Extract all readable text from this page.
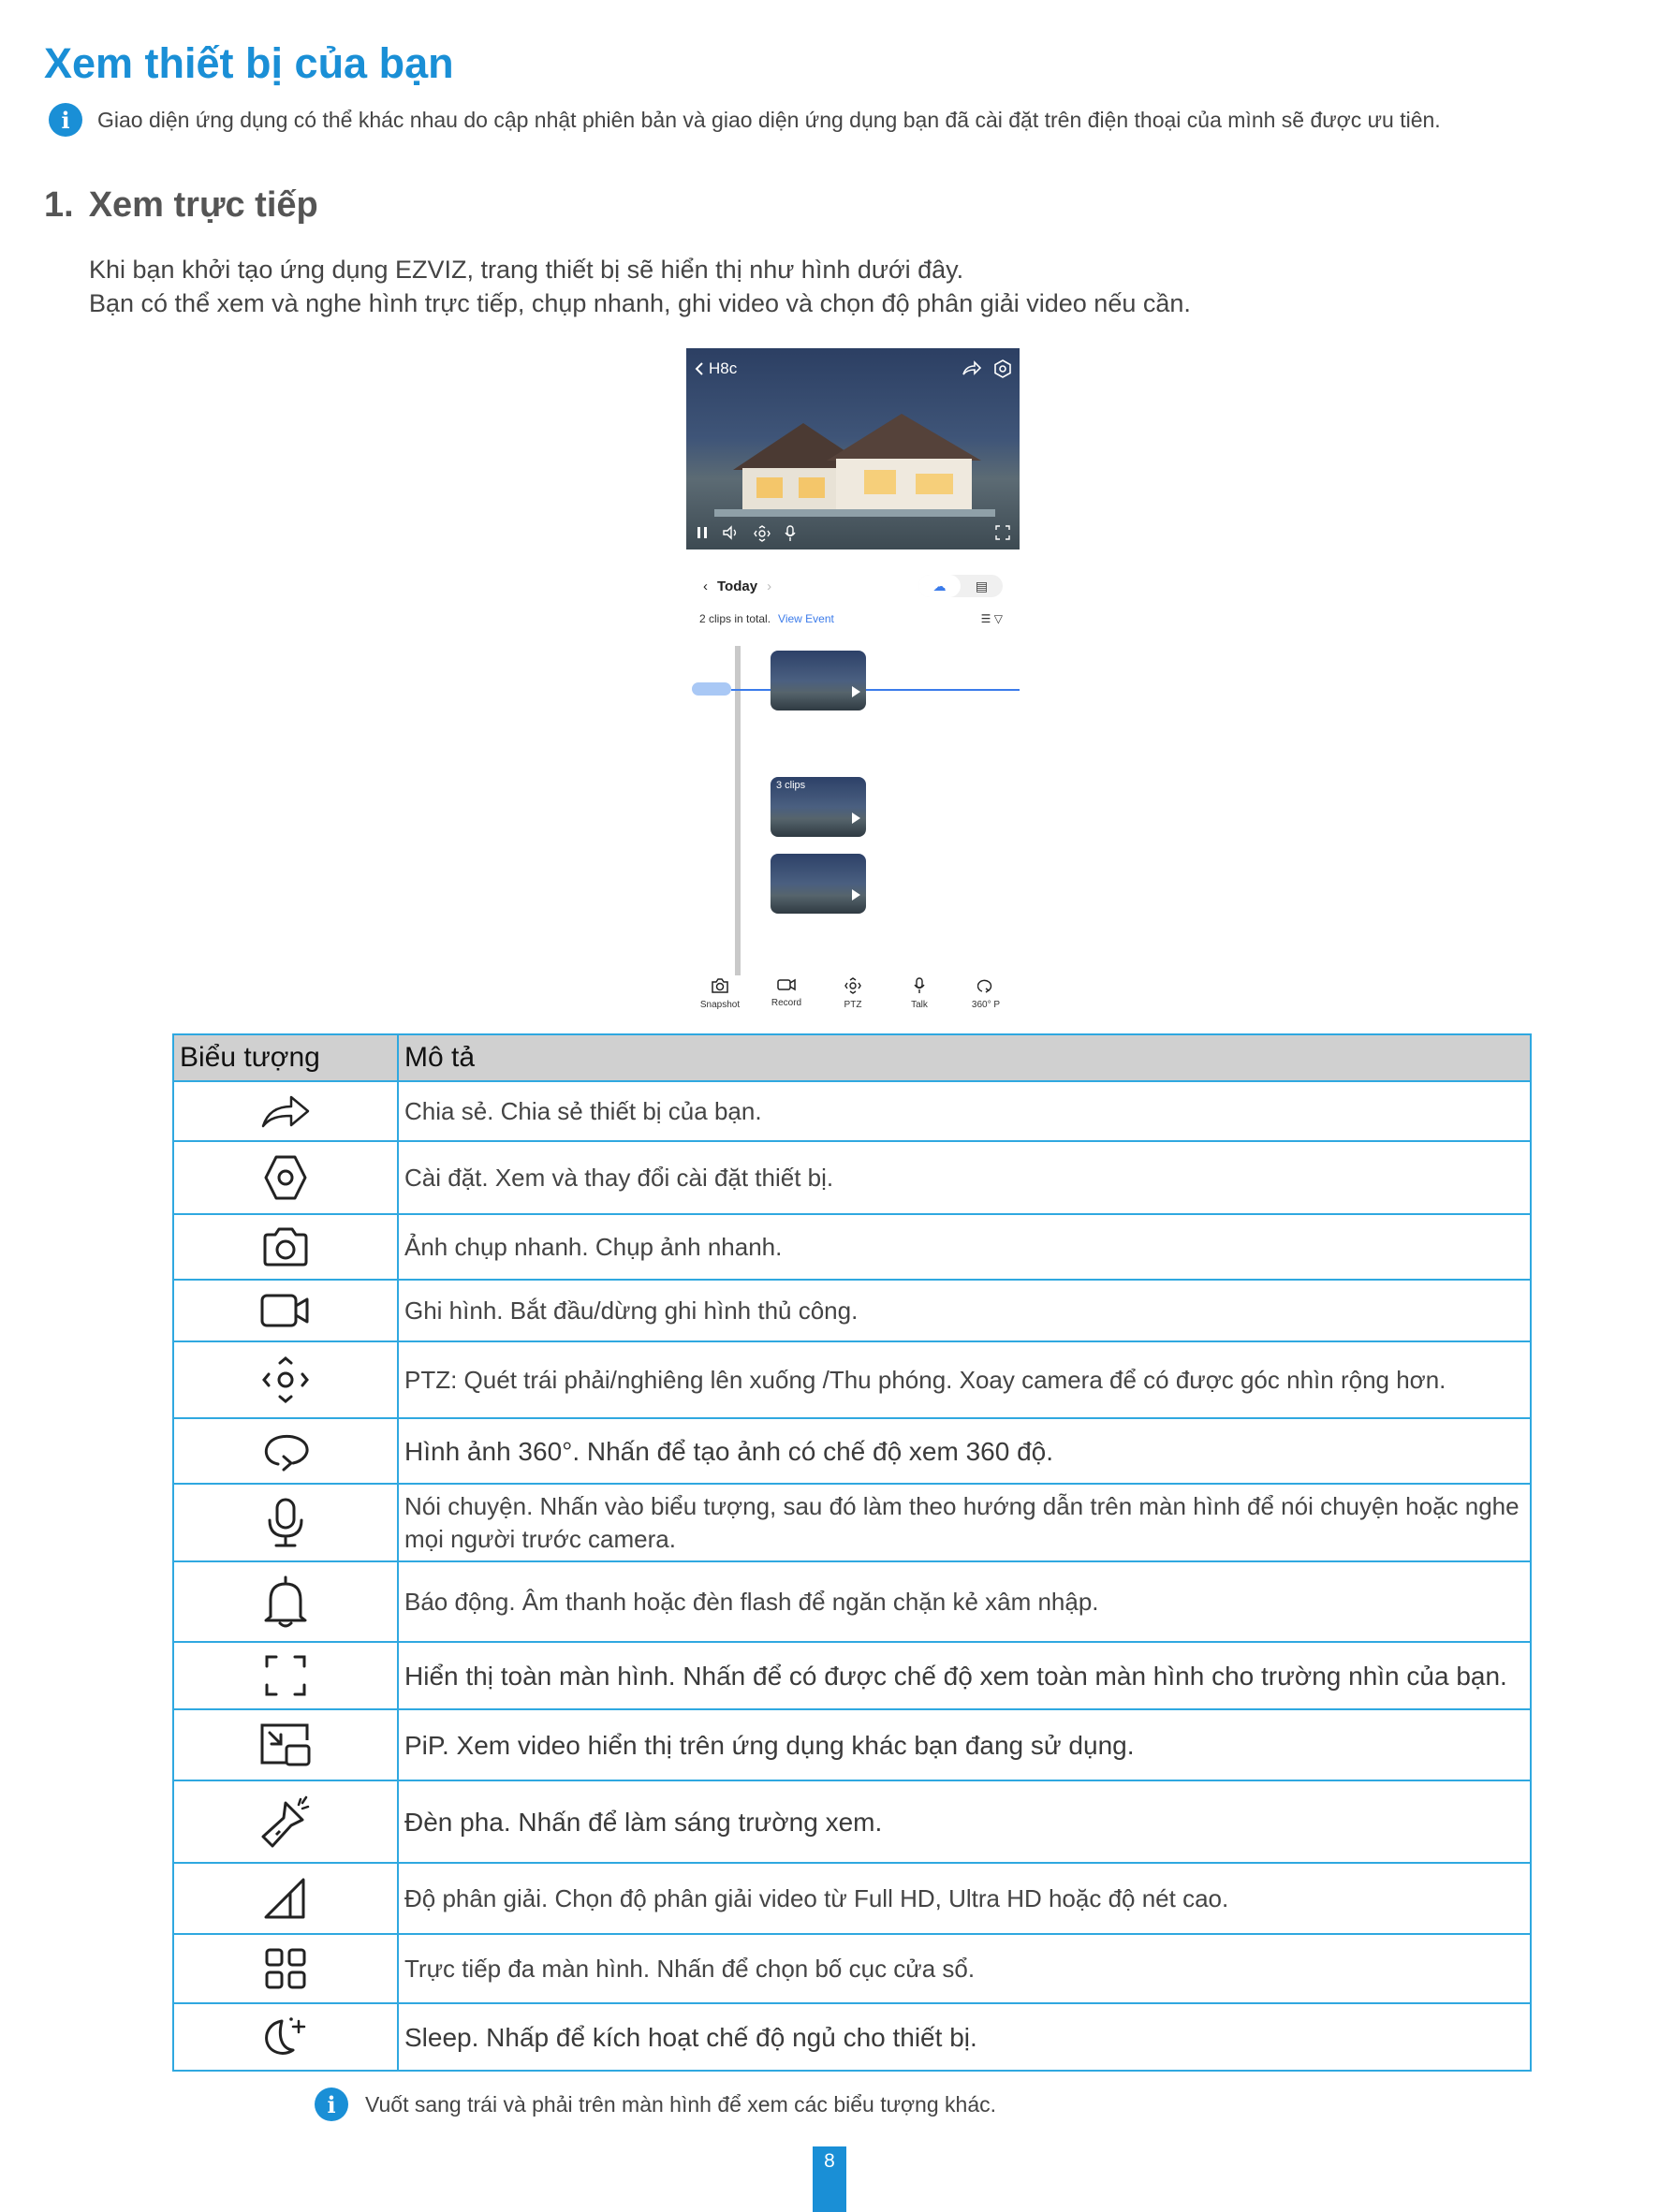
Xem thiết bị của bạn
i	Giao diện ứng dụng có thể khác nhau do cập nhật phiên bản và giao diện ứng dụng bạn đã cài đặt trên điện thoại của mình sẽ được ưu tiên.
1. Xem trực tiếp
Khi bạn khởi tạo ứng dụng EZVIZ, trang thiết bị sẽ hiển thị như hình dưới đây.
Bạn có thể xem và nghe hình trực tiếp, chụp nhanh, ghi video và chọn độ phân giải video nếu cần.
H8c
‹ Today ›	☁	▤
2 clips in total. View Event	☰ ▽
3 clips
Snapshot	Record	PTZ	Talk	360° P
Biểu tượng	Mô tả
	Chia sẻ. Chia sẻ thiết bị của bạn.
	Cài đặt. Xem và thay đổi cài đặt thiết bị.
	Ảnh chụp nhanh. Chụp ảnh nhanh.
	Ghi hình. Bắt đầu/dừng ghi hình thủ công.
	PTZ: Quét trái phải/nghiêng lên xuống /Thu phóng. Xoay camera để có được góc nhìn rộng hơn.
	Hình ảnh 360°. Nhấn để tạo ảnh có chế độ xem 360 độ.
	Nói chuyện. Nhấn vào biểu tượng, sau đó làm theo hướng dẫn trên màn hình để nói chuyện hoặc nghe mọi người trước camera.
	Báo động. Âm thanh hoặc đèn flash để ngăn chặn kẻ xâm nhập.
	Hiển thị toàn màn hình. Nhấn để có được chế độ xem toàn màn hình cho trường nhìn của bạn.
	PiP. Xem video hiển thị trên ứng dụng khác bạn đang sử dụng.
	Đèn pha. Nhấn để làm sáng trường xem.
	Độ phân giải. Chọn độ phân giải video từ Full HD, Ultra HD hoặc độ nét cao.
	Trực tiếp đa màn hình. Nhấn để chọn bố cục cửa sổ.
	Sleep. Nhấp để kích hoạt chế độ ngủ cho thiết bị.
i	Vuốt sang trái và phải trên màn hình để xem các biểu tượng khác.
8
